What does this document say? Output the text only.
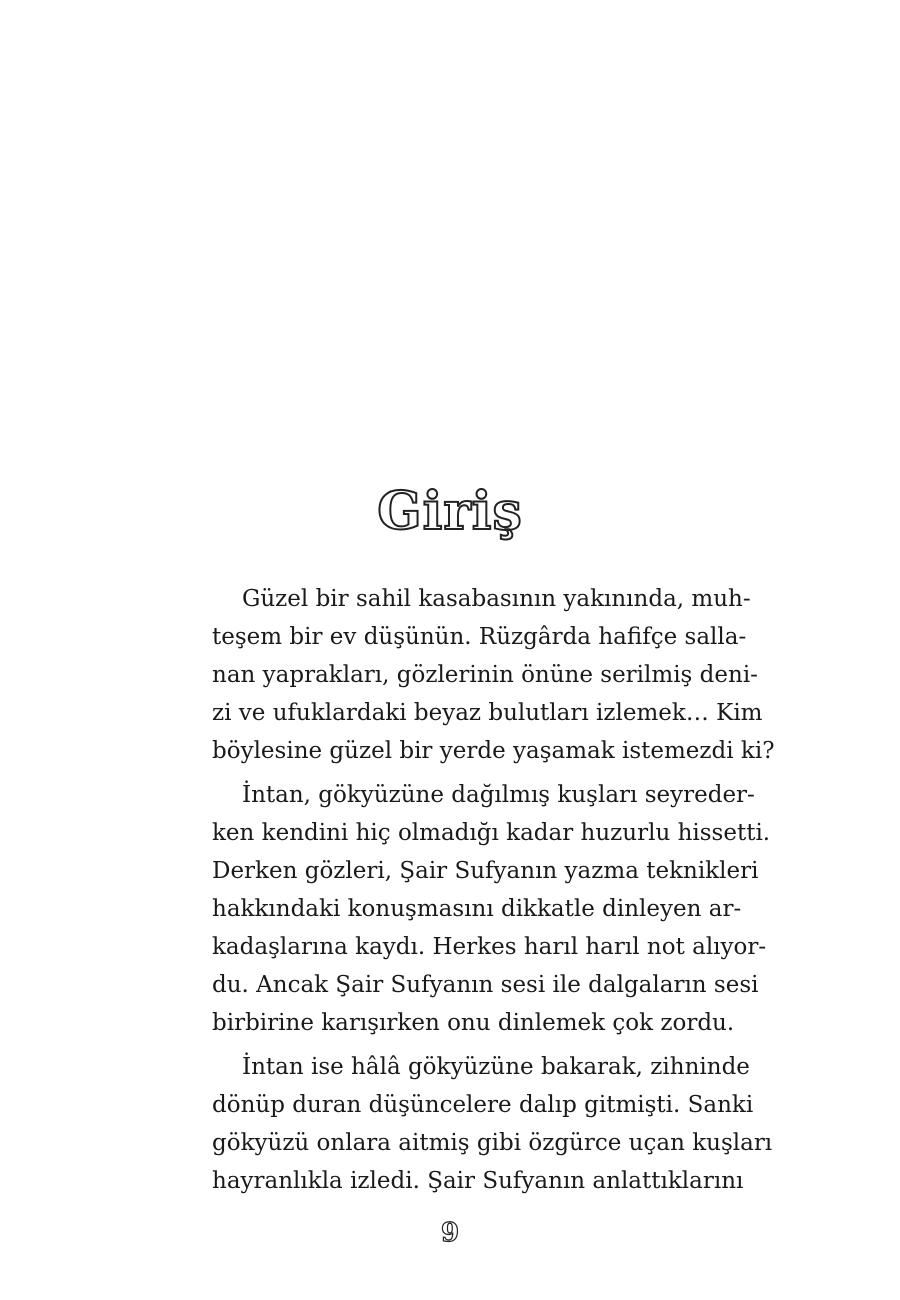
Giriş
Güzel bir sahil kasabasının yakınında, muh-
teşem bir ev düşünün. Rüzgârda hafifçe salla-
nan yaprakları, gözlerinin önüne serilmiş deni-
zi ve ufuklardaki beyaz bulutları izlemek… Kim
böylesine güzel bir yerde yaşamak istemezdi ki?
İntan, gökyüzüne dağılmış kuşları seyreder-
ken kendini hiç olmadığı kadar huzurlu hissetti.
Derken gözleri, Şair Sufyanın yazma teknikleri
hakkındaki konuşmasını dikkatle dinleyen ar-
kadaşlarına kaydı. Herkes harıl harıl not alıyor-
du. Ancak Şair Sufyanın sesi ile dalgaların sesi
birbirine karışırken onu dinlemek çok zordu.
İntan ise hâlâ gökyüzüne bakarak, zihninde
dönüp duran düşüncelere dalıp gitmişti. Sanki
gökyüzü onlara aitmiş gibi özgürce uçan kuşları
hayranlıkla izledi. Şair Sufyanın anlattıklarını
9
